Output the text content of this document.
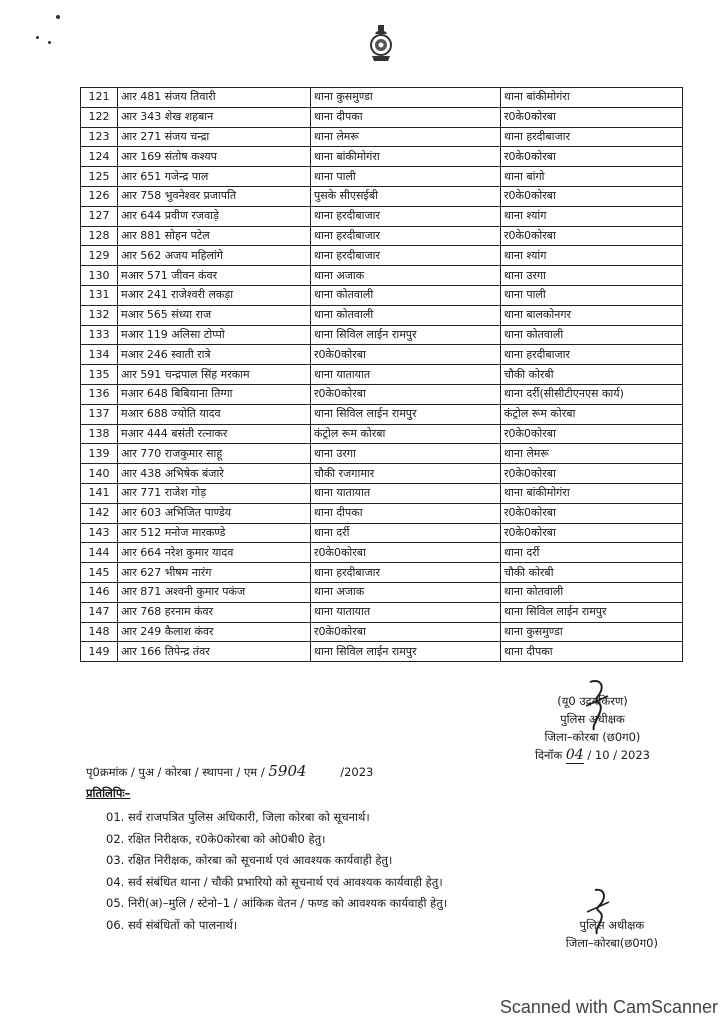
121	आर 481 संजय तिवारी	थाना कुसमुण्डा	थाना बांकीमोगंरा
122	आर 343 शेख शहबान	थाना दीपका	र0के0कोरबा
123	आर 271 संजय चन्द्रा	थाना लेमरू	थाना हरदीबाजार
124	आर 169 संतोष कश्यप	थाना बांकीमोगंरा	र0के0कोरबा
125	आर 651 गजेन्द्र पाल	थाना पाली	थाना बांगो
126	आर 758 भुवनेश्वर प्रजापति	पुसके सीएसईबी	र0के0कोरबा
127	आर 644 प्रवीण रजवाड़े	थाना हरदीबाजार	थाना श्यांग
128	आर 881 सोहन पटेल	थाना हरदीबाजार	र0के0कोरबा
129	आर 562 अजय महिलांगे	थाना हरदीबाजार	थाना श्यांग
130	मआर 571 जीवन कंवर	थाना अजाक	थाना उरगा
131	मआर 241 राजेश्वरी लकड़ा	थाना कोतवाली	थाना पाली
132	मआर 565 संध्या राज	थाना कोतवाली	थाना बालकोनगर
133	मआर 119 अलिसा टोप्पो	थाना सिविल लाईन रामपुर	थाना कोतवाली
134	मआर 246 स्वाती रात्रे	र0के0कोरबा	थाना हरदीबाजार
135	आर 591 चन्द्रपाल सिंह मरकाम	थाना यातायात	चौकी कोरबी
136	मआर 648 बिबियाना तिग्गा	र0के0कोरबा	थाना दर्री(सीसीटीएनएस कार्य)
137	मआर 688 ज्योति यादव	थाना सिविल लाईन रामपुर	कंट्रोल रूम कोरबा
138	मआर 444 बसंती रत्नाकर	कंट्रोल रूम कोरबा	र0के0कोरबा
139	आर 770 राजकुमार साहू	थाना उरगा	थाना लेमरू
140	आर 438 अभिषेक बंजारे	चौकी रजगामार	र0के0कोरबा
141	आर 771 राजेश गोड़	थाना यातायात	थाना बांकीमोगंरा
142	आर 603 अभिजित पाण्डेय	थाना दीपका	र0के0कोरबा
143	आर 512 मनोज मारकण्डे	थाना दर्री	र0के0कोरबा
144	आर 664 नरेश कुमार यादव	र0के0कोरबा	थाना दर्री
145	आर 627 भीषम नारंग	थाना हरदीबाजार	चौकी कोरबी
146	आर 871 अश्वनी कुमार पकंज	थाना अजाक	थाना कोतवाली
147	आर 768 हरनाम कंवर	थाना यातायात	थाना सिविल लाईन रामपुर
148	आर 249 कैलाश कंवर	र0के0कोरबा	थाना कुसमुण्डा
149	आर 166 तिपेन्द्र तंवर	थाना सिविल लाईन रामपुर	थाना दीपका
(यू0 उदयकिरण)
पुलिस अधीक्षक
जिला–कोरबा (छ0ग0)
दिनॉक 04 / 10 / 2023
पृ0क्रमांक / पुअ / कोरबा / स्थापना / एम / 5904	/2023
प्रतिलिपिः–
01. सर्व राजपत्रित पुलिस अधिकारी, जिला कोरबा को सूचनार्थ।
02. रक्षित निरीक्षक, र0के0कोरबा को ओ0बी0 हेतु।
03. रक्षित निरीक्षक, कोरबा को सूचनार्थ एवं आवश्यक कार्यवाही हेतु।
04. सर्व संबंधित थाना / चौकी प्रभारियो को सूचनार्थ एवं आवश्यक कार्यवाही हेतु।
05. निरी(अ)–मुलि / स्टेनो–1 / आंकिक वेतन / फण्ड को आवश्यक कार्यवाही हेतु।
06. सर्व संबंधितों को पालनार्थ।	पुलिस अधीक्षक
जिला–कोरबा(छ0ग0)
Scanned with CamScanner
